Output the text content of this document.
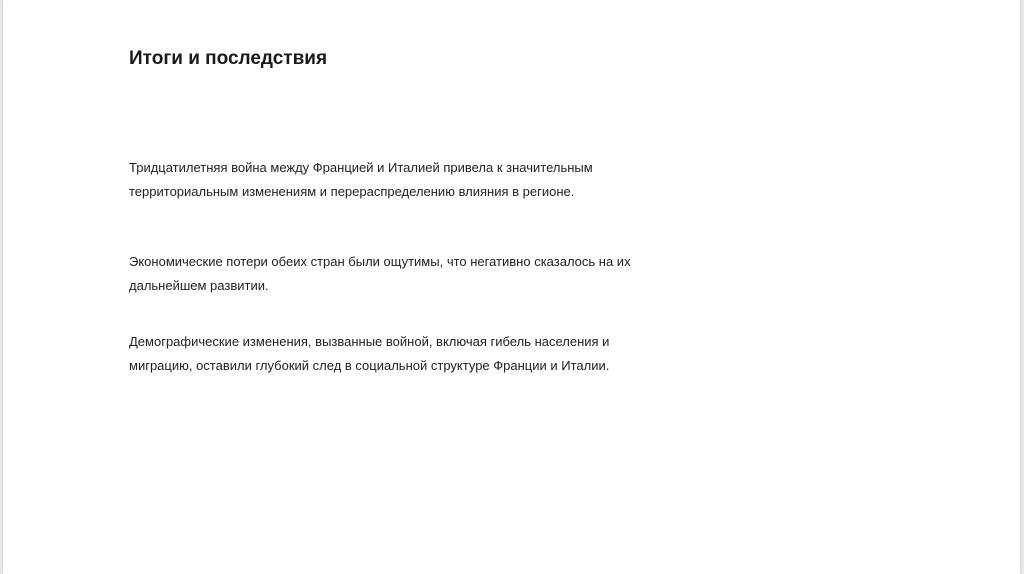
Итоги и последствия

Тридцатилетняя война между Францией и Италией привела к значительным
территориальным изменениям и перераспределению влияния в регионе.

Экономические потери обеих стран были ощутимы, что негативно сказалось на их
дальнейшем развитии.

Демографические изменения, вызванные войной, включая гибель населения и
миграцию, оставили глубокий след в социальной структуре Франции и Италии.
